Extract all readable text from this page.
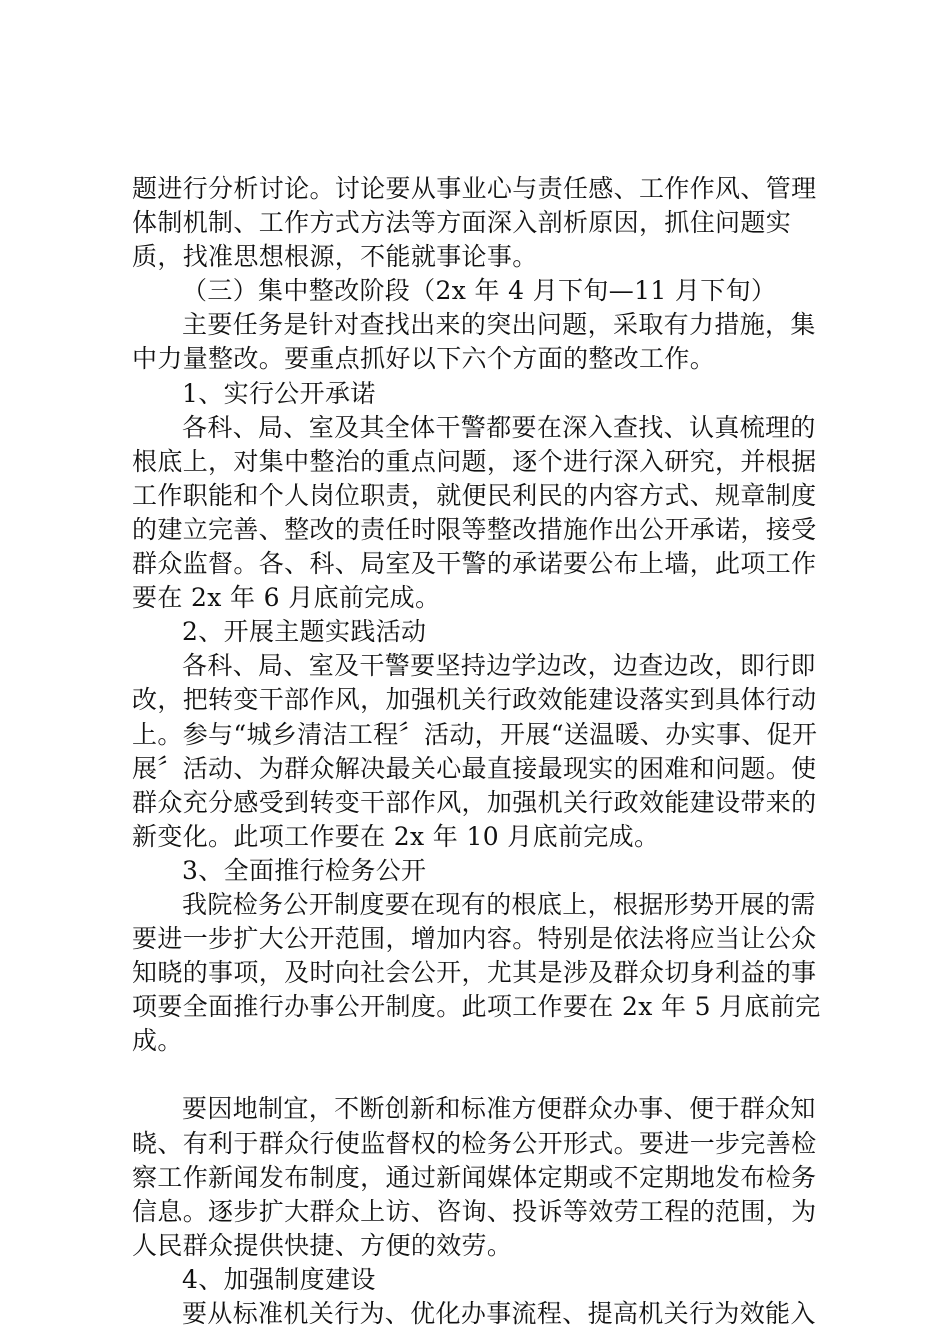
题进行分析讨论。讨论要从事业心与责任感、工作作风、管理体制机制、工作方式方法等方面深入剖析原因，抓住问题实质，找准思想根源，不能就事论事。

（三）集中整改阶段（2x 年 4 月下旬—11 月下旬）

主要任务是针对查找出来的突出问题，采取有力措施，集中力量整改。要重点抓好以下六个方面的整改工作。

1、实行公开承诺

各科、局、室及其全体干警都要在深入查找、认真梳理的根底上，对集中整治的重点问题，逐个进行深入研究，并根据工作职能和个人岗位职责，就便民利民的内容方式、规章制度的建立完善、整改的责任时限等整改措施作出公开承诺，接受群众监督。各、科、局室及干警的承诺要公布上墙，此项工作要在 2x 年 6 月底前完成。

2、开展主题实践活动

各科、局、室及干警要坚持边学边改，边查边改，即行即改，把转变干部作风，加强机关行政效能建设落实到具体行动上。参与“城乡清洁工程〞活动，开展“送温暖、办实事、促开展〞活动、为群众解决最关心最直接最现实的困难和问题。使群众充分感受到转变干部作风，加强机关行政效能建设带来的新变化。此项工作要在 2x 年 10 月底前完成。

3、全面推行检务公开

我院检务公开制度要在现有的根底上，根据形势开展的需要进一步扩大公开范围，增加内容。特别是依法将应当让公众知晓的事项，及时向社会公开，尤其是涉及群众切身利益的事项要全面推行办事公开制度。此项工作要在 2x 年 5 月底前完成。

要因地制宜，不断创新和标准方便群众办事、便于群众知晓、有利于群众行使监督权的检务公开形式。要进一步完善检察工作新闻发布制度，通过新闻媒体定期或不定期地发布检务信息。逐步扩大群众上访、咨询、投诉等效劳工程的范围，为人民群众提供快捷、方便的效劳。

4、加强制度建设

要从标准机关行为、优化办事流程、提高机关行为效能入
